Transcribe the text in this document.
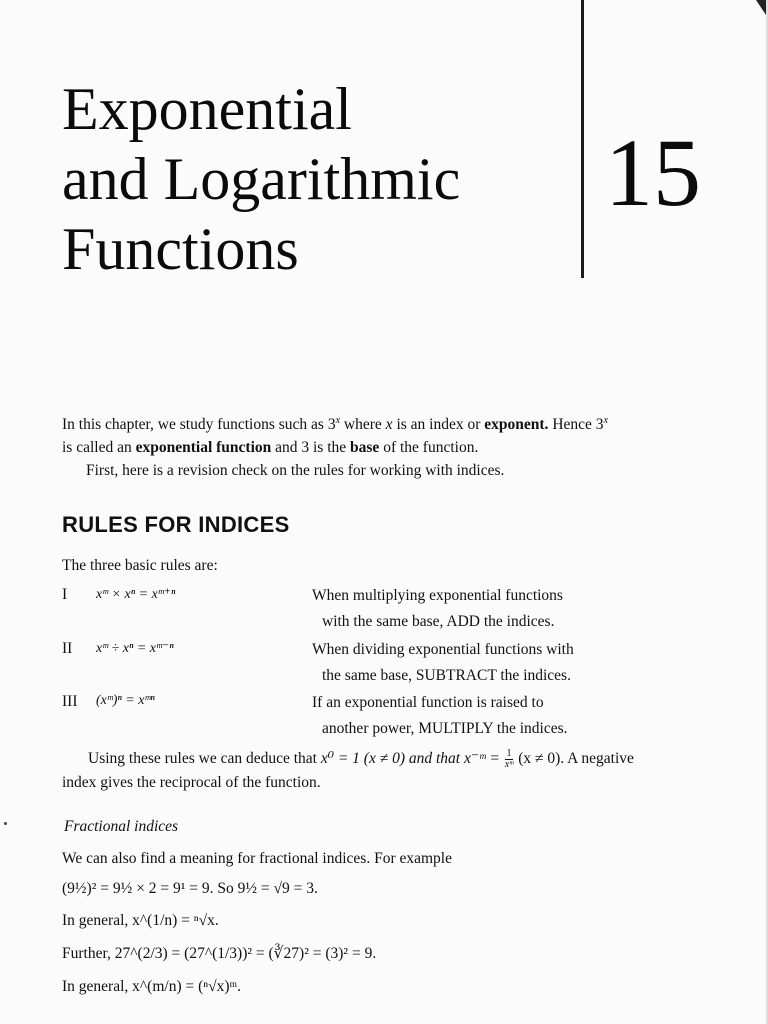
Exponential
and Logarithmic
Functions
15
In this chapter, we study functions such as 3$^x$ where x is an index or exponent. Hence 3$^x$
is called an exponential function and 3 is the base of the function.
First, here is a revision check on the rules for working with indices.
RULES FOR INDICES
The three basic rules are:
I xᵐ × xⁿ = xᵐ⁺ⁿ	When multiplying exponential functions
with the same base, ADD the indices.
II xᵐ ÷ xⁿ = xᵐ⁻ⁿ	When dividing exponential functions with
the same base, SUBTRACT the indices.
III (xᵐ)ⁿ = xᵐⁿ	If an exponential function is raised to
another power, MULTIPLY the indices.
Using these rules we can deduce that x⁰ = 1 (x ≠ 0) and that x⁻ᵐ = $\frac{1}{\text{xᵐ}} (x \ne 0)$. A negative
index gives the reciprocal of the function.
Fractional indices
We can also find a meaning for fractional indices. For example
(9½)² = 9½ × 2 = 9¹ = 9. So 9½ = √9 = 3.
In general, x^(1/n) = ⁿ√x.
Further, 27^(2/3) = (27^(1/3))² = (∛27)² = (3)² = 9.
In general, x^(m/n) = (ⁿ√x)ᵐ.
